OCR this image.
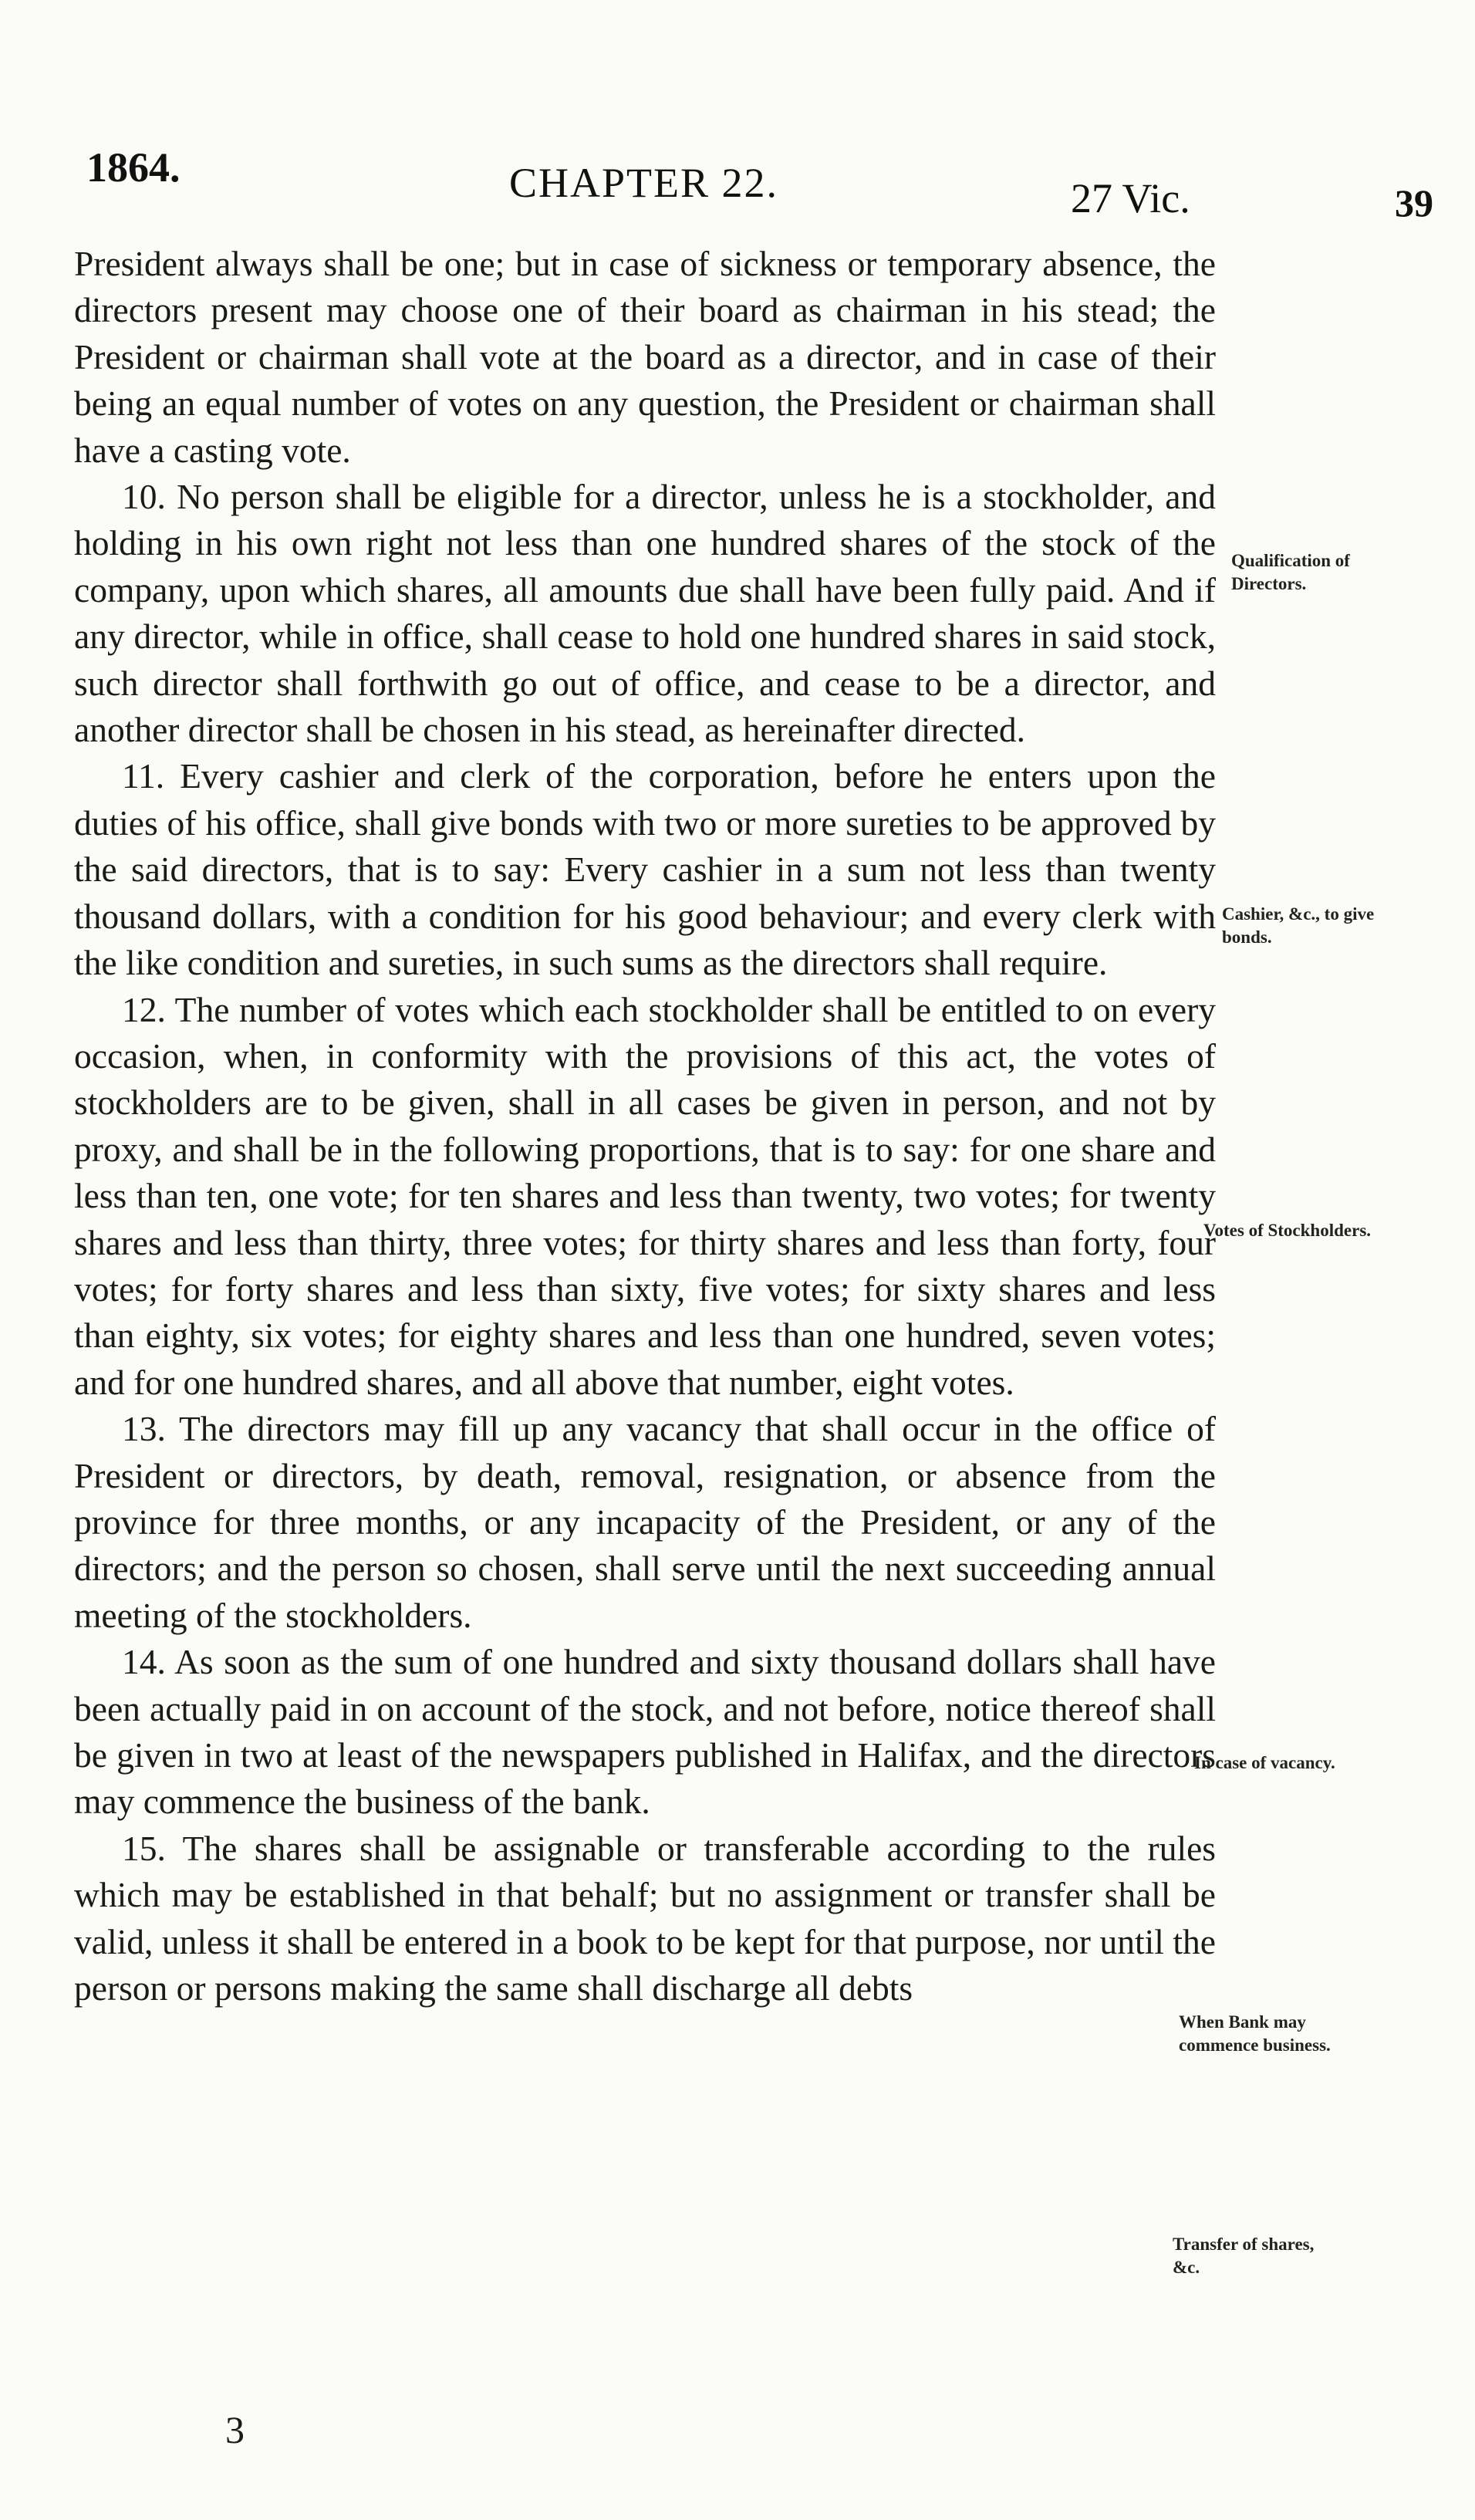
1864.	CHAPTER 22.	27 Vic.	39

President always shall be one; but in case of sickness or temporary absence, the directors present may choose one of their board as chairman in his stead; the President or chairman shall vote at the board as a director, and in case of their being an equal number of votes on any question, the President or chairman shall have a casting vote.

10. No person shall be eligible for a director, unless he is a stockholder, and holding in his own right not less than one hundred shares of the stock of the company, upon which shares, all amounts due shall have been fully paid. And if any director, while in office, shall cease to hold one hundred shares in said stock, such director shall forthwith go out of office, and cease to be a director, and another director shall be chosen in his stead, as hereinafter directed.

11. Every cashier and clerk of the corporation, before he enters upon the duties of his office, shall give bonds with two or more sureties to be approved by the said directors, that is to say: Every cashier in a sum not less than twenty thousand dollars, with a condition for his good behaviour; and every clerk with the like condition and sureties, in such sums as the directors shall require.

12. The number of votes which each stockholder shall be entitled to on every occasion, when, in conformity with the provisions of this act, the votes of stockholders are to be given, shall in all cases be given in person, and not by proxy, and shall be in the following proportions, that is to say: for one share and less than ten, one vote; for ten shares and less than twenty, two votes; for twenty shares and less than thirty, three votes; for thirty shares and less than forty, four votes; for forty shares and less than sixty, five votes; for sixty shares and less than eighty, six votes; for eighty shares and less than one hundred, seven votes; and for one hundred shares, and all above that number, eight votes.

13. The directors may fill up any vacancy that shall occur in the office of President or directors, by death, removal, resignation, or absence from the province for three months, or any incapacity of the President, or any of the directors; and the person so chosen, shall serve until the next succeeding annual meeting of the stockholders.

14. As soon as the sum of one hundred and sixty thousand dollars shall have been actually paid in on account of the stock, and not before, notice thereof shall be given in two at least of the newspapers published in Halifax, and the directors may commence the business of the bank.

15. The shares shall be assignable or transferable according to the rules which may be established in that behalf; but no assignment or transfer shall be valid, unless it shall be entered in a book to be kept for that purpose, nor until the person or persons making the same shall discharge all debts

Qualification of Directors.
Cashier, &c., to give bonds.
Votes of Stockholders.
In case of vacancy.
When Bank may commence business.
Transfer of shares, &c.
3
